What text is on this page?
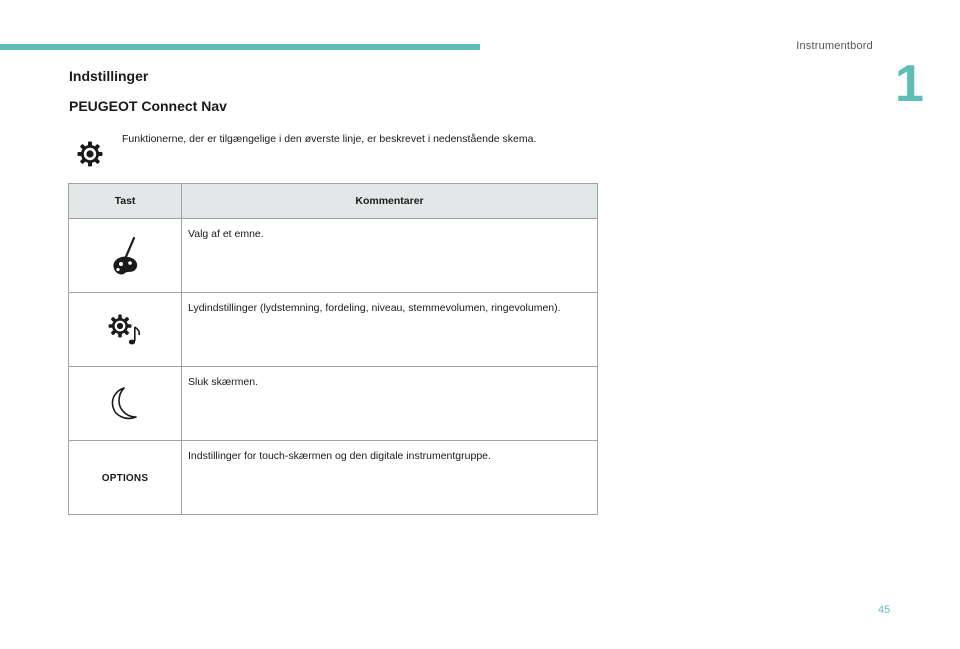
Instrumentbord
1
Indstillinger
PEUGEOT Connect Nav
Funktionerne, der er tilgængelige i den øverste linje, er beskrevet i nedenstående skema.
Tast	Kommentarer

	Valg af et emne.

	Lydindstillinger (lydstemning, fordeling, niveau, stemmevolumen, ringevolumen).

	Sluk skærmen.
OPTIONS	Indstillinger for touch-skærmen og den digitale instrumentgruppe.
45
